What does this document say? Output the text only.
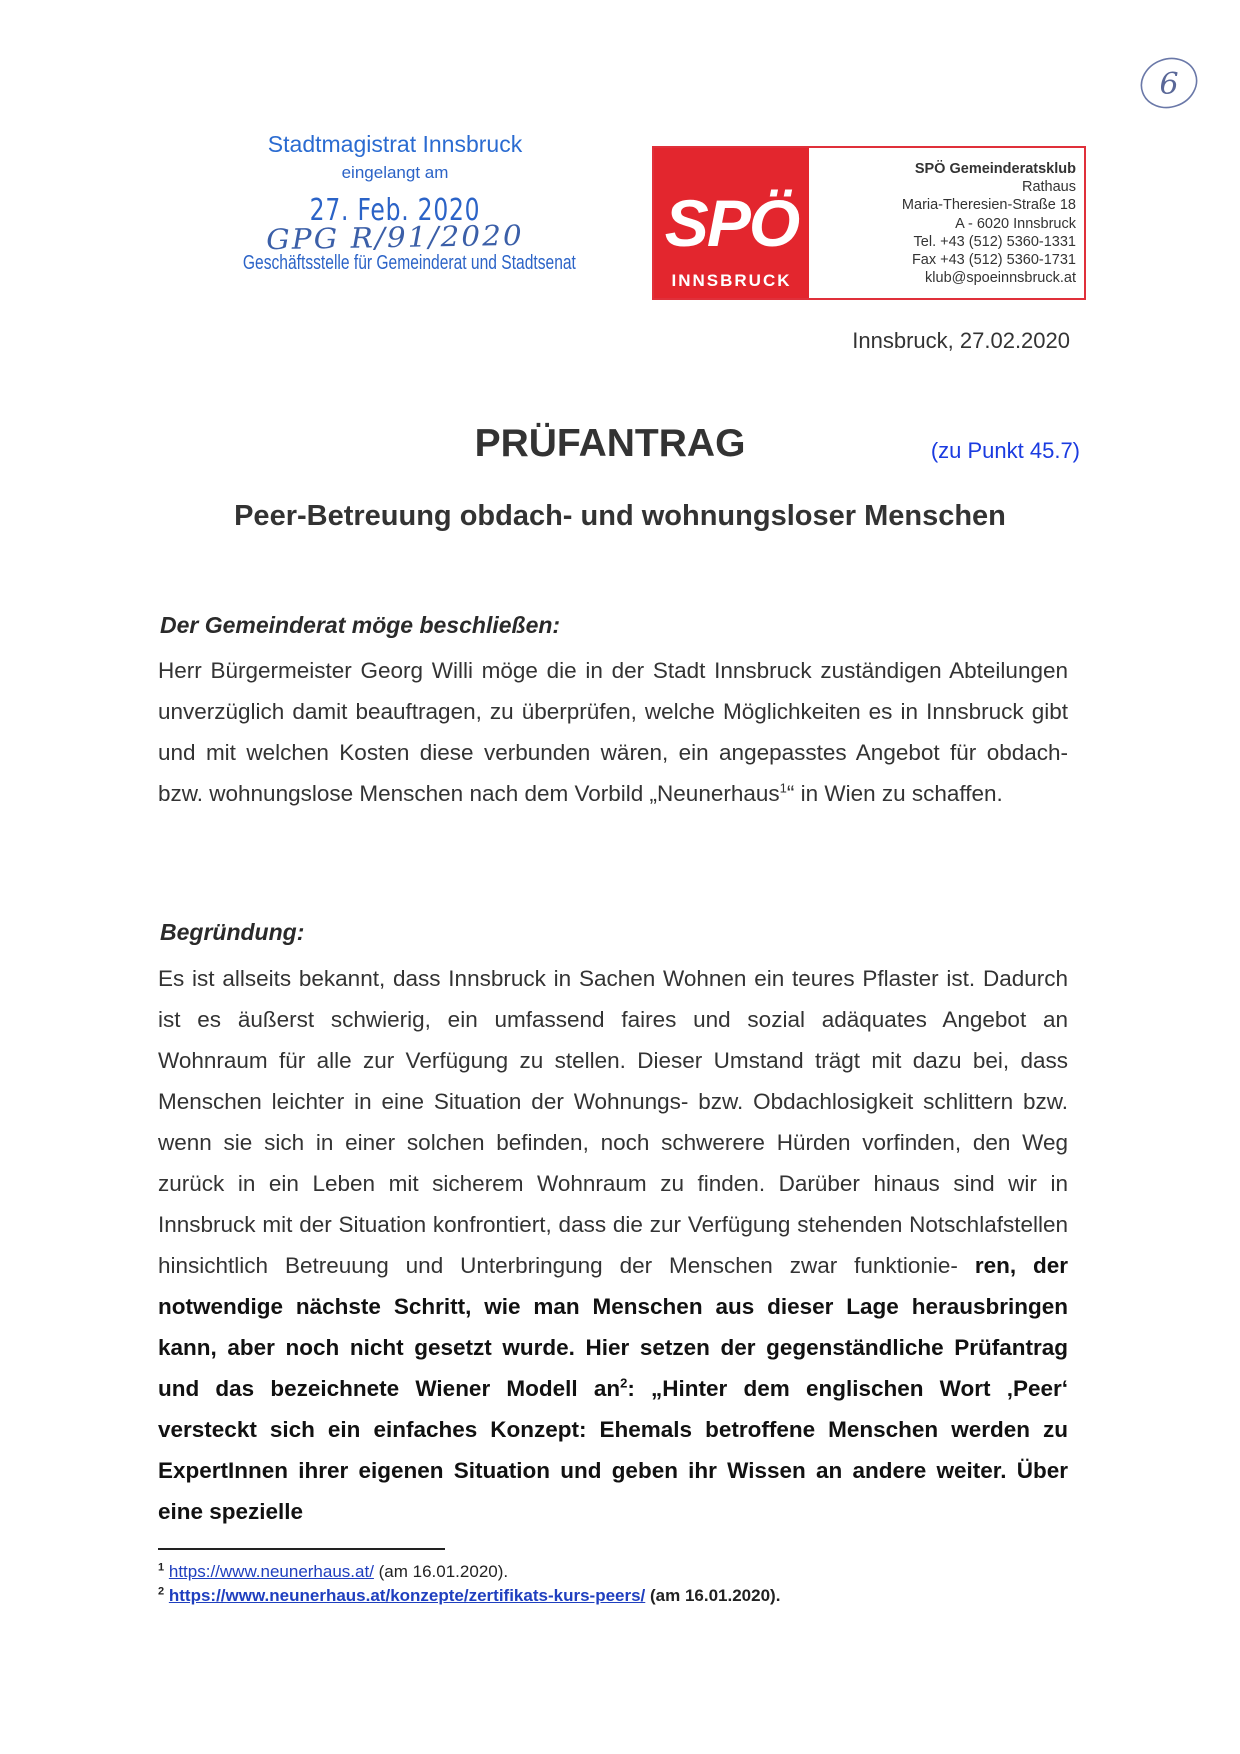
6
Stadtmagistrat Innsbruck
eingelangt am
27. Feb. 2020
GPG R/91/2020
Geschäftsstelle für Gemeinderat und Stadtsenat
SPÖ
INNSBRUCK
SPÖ Gemeinderatsklub
Rathaus
Maria-Theresien-Straße 18
A - 6020 Innsbruck
Tel. +43 (512) 5360-1331
Fax +43 (512) 5360-1731
klub@spoeinnsbruck.at
Innsbruck, 27.02.2020
PRÜFANTRAG	(zu Punkt 45.7)
Peer-Betreuung obdach- und wohnungsloser Menschen
Der Gemeinderat möge beschließen:

Herr Bürgermeister Georg Willi möge die in der Stadt Innsbruck zuständigen Abteilungen unverzüglich damit beauftragen, zu überprüfen, welche Möglichkeiten es in Innsbruck gibt und mit welchen Kosten diese verbunden wären, ein angepasstes Angebot für obdach- bzw. wohnungslose Menschen nach dem Vorbild „Neunerhaus$^1$“ in Wien zu schaffen.

Begründung:

Es ist allseits bekannt, dass Innsbruck in Sachen Wohnen ein teures Pflaster ist. Dadurch ist es äußerst schwierig, ein umfassend faires und sozial adäquates Angebot an Wohnraum für alle zur Verfügung zu stellen. Dieser Umstand trägt mit dazu bei, dass Menschen leichter in eine Situation der Wohnungs- bzw. Obdachlosigkeit schlittern bzw. wenn sie sich in einer solchen befinden, noch schwerere Hürden vorfinden, den Weg zurück in ein Leben mit sicherem Wohnraum zu finden. Darüber hinaus sind wir in Innsbruck mit der Situation konfrontiert, dass die zur Verfügung stehenden Notschlafstellen hinsichtlich Betreuung und Unterbringung der Menschen zwar funktionie- ren, der notwendige nächste Schritt, wie man Menschen aus dieser Lage herausbringen kann, aber noch nicht gesetzt wurde. Hier setzen der gegenständliche Prüfantrag und das bezeichnete Wiener Modell $an^2$: „Hinter dem englischen Wort ‚Peer‘ versteckt sich ein einfaches Konzept: Ehemals betroffene Menschen werden zu ExpertInnen ihrer eigenen Situation und geben ihr Wissen an andere weiter. Über eine spezielle

$^1$ https://www.neunerhaus.at/ (am 16.01.2020).
$^2$ https://www.neunerhaus.at/konzepte/zertifikats-kurs-peers/ (am 16.01.2020).
